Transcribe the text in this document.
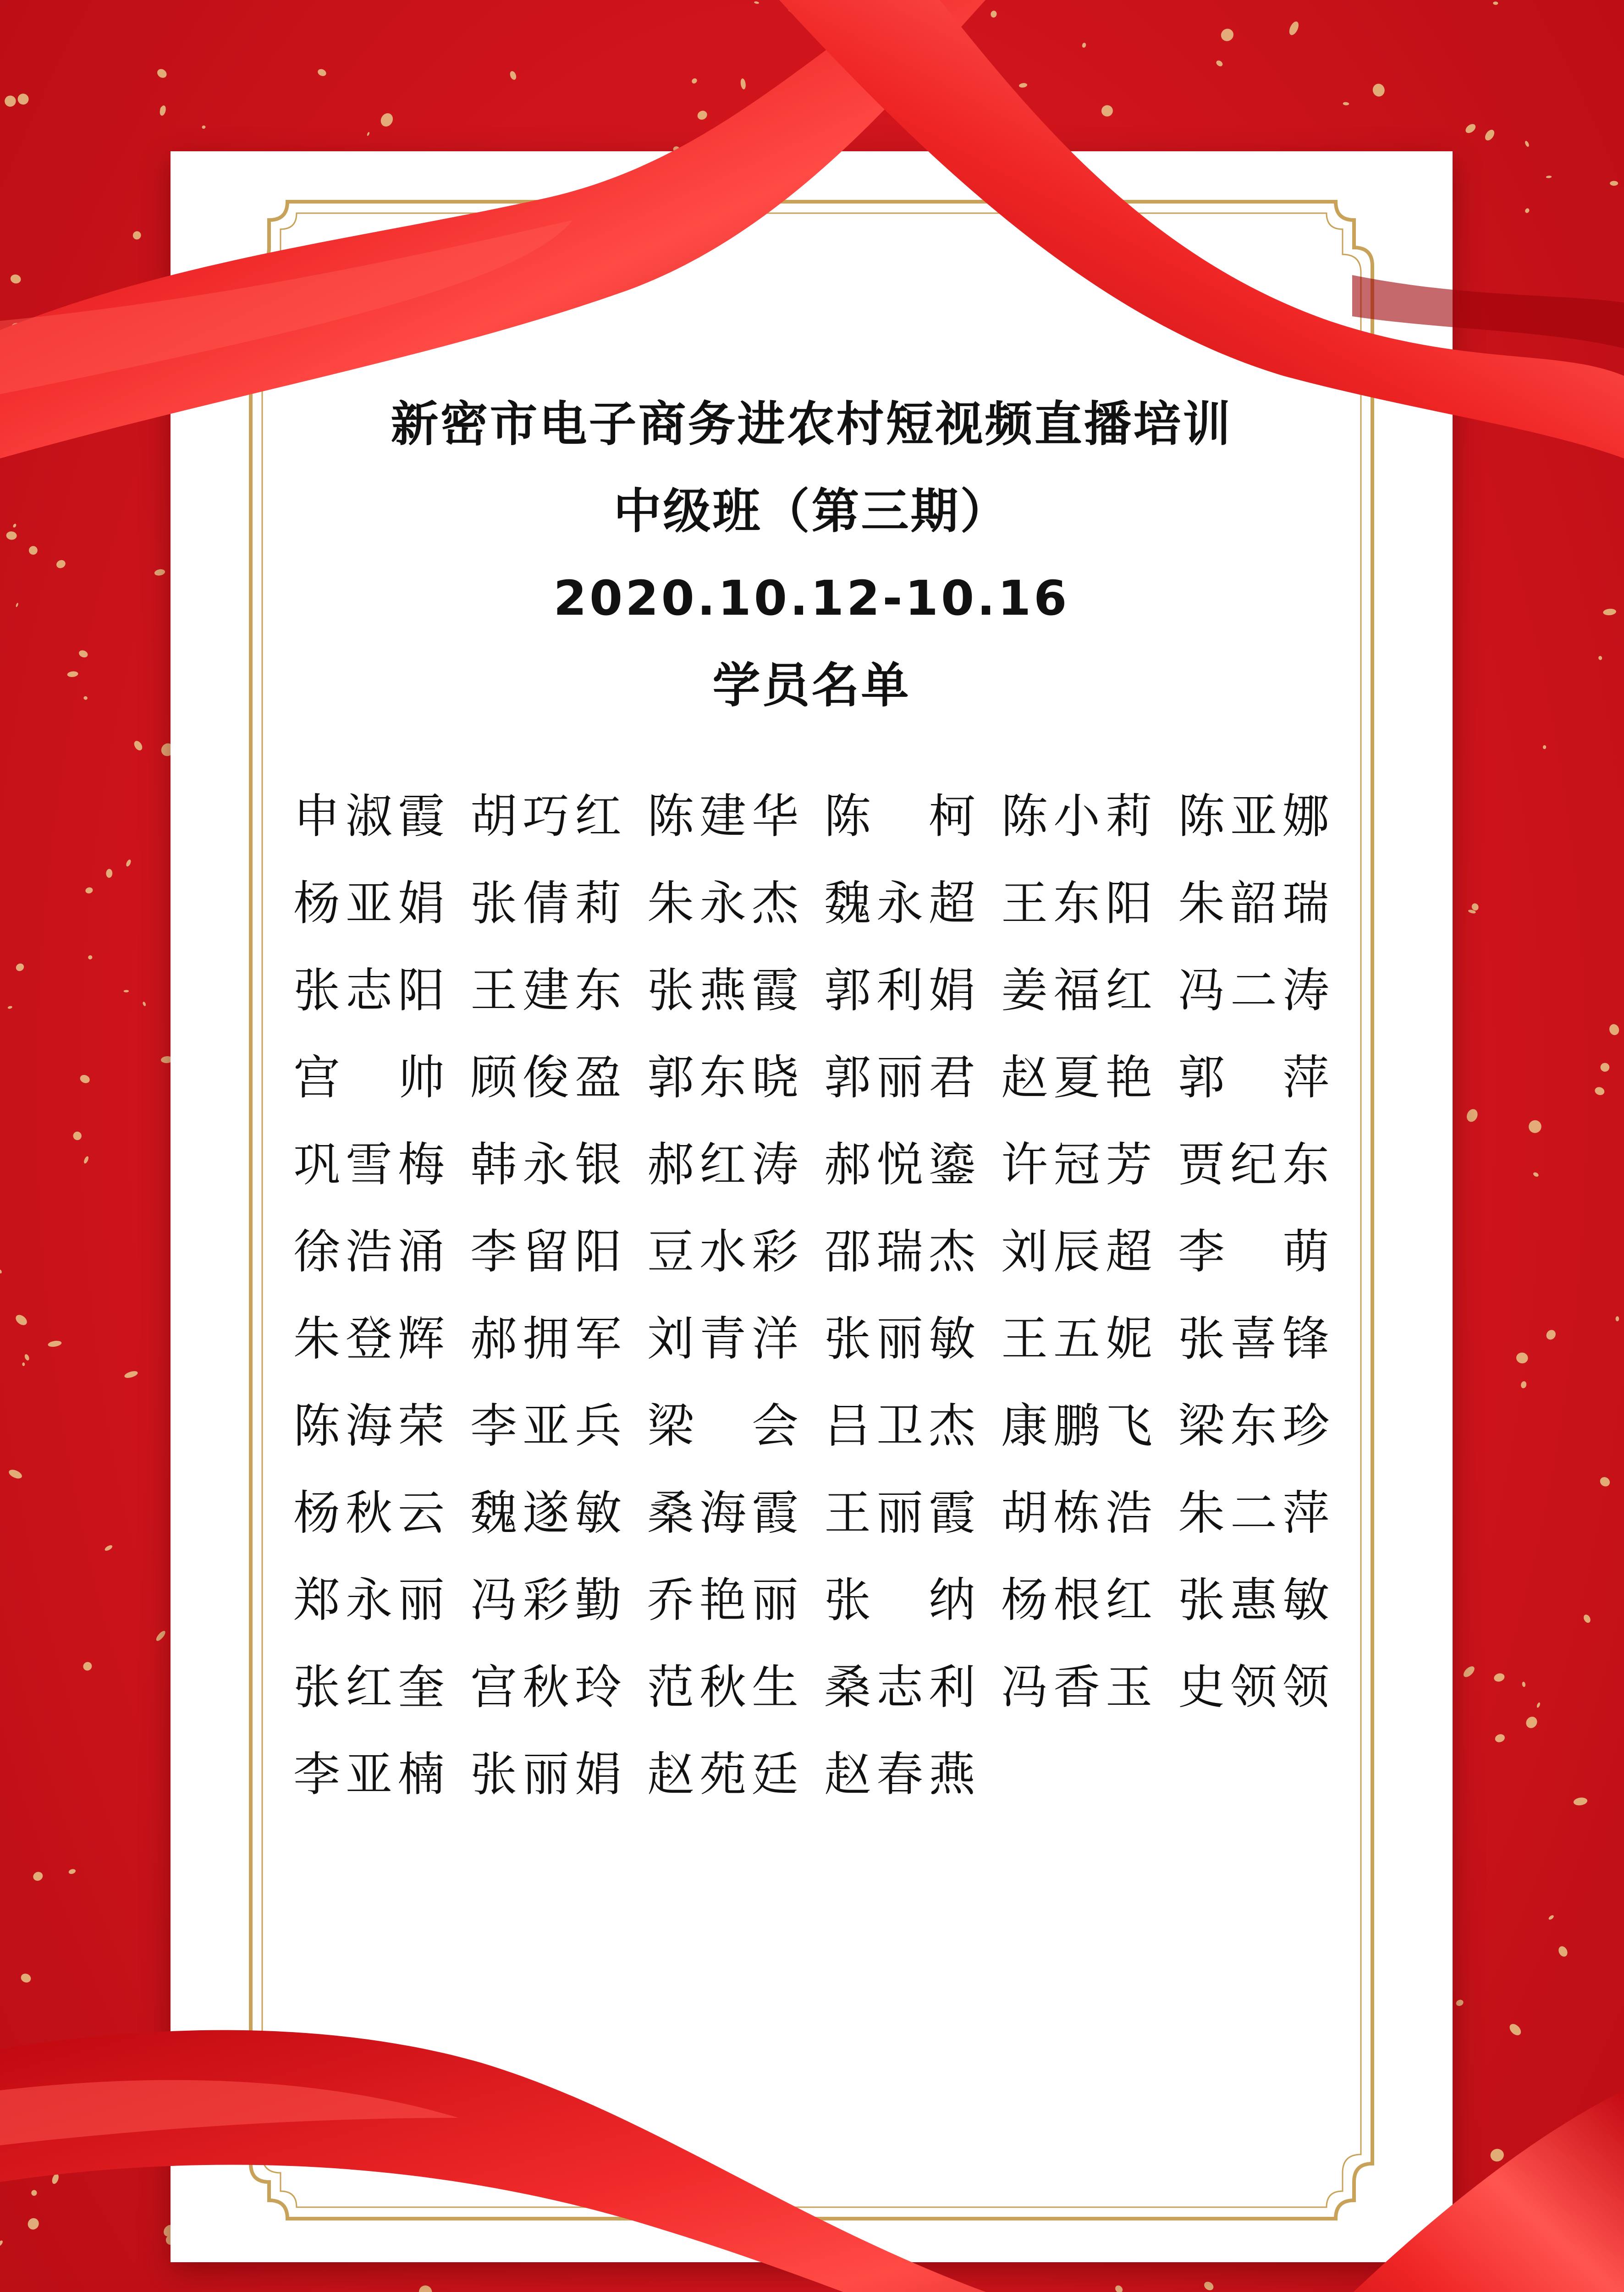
新密市电子商务进农村短视频直播培训
中级班（第三期）
2020.10.12-10.16
学员名单
申 淑 霞 胡 巧 红 陈 建 华 陈 柯 陈 小 莉 陈 亚 娜
杨 亚 娟 张 倩 莉 朱 永 杰 魏 永 超 王 东 阳 朱 韶 瑞
张 志 阳 王 建 东 张 燕 霞 郭 利 娟 姜 福 红 冯 二 涛
宫 帅 顾 俊 盈 郭 东 晓 郭 丽 君 赵 夏 艳 郭 萍
巩 雪 梅 韩 永 银 郝 红 涛 郝 悦 鎏 许 冠 芳 贾 纪 东
徐 浩 涌 李 留 阳 豆 水 彩 邵 瑞 杰 刘 辰 超 李 萌
朱 登 辉 郝 拥 军 刘 青 洋 张 丽 敏 王 五 妮 张 喜 锋
陈 海 荣 李 亚 兵 梁 会 吕 卫 杰 康 鹏 飞 梁 东 珍
杨 秋 云 魏 遂 敏 桑 海 霞 王 丽 霞 胡 栋 浩 朱 二 萍
郑 永 丽 冯 彩 勤 乔 艳 丽 张 纳 杨 根 红 张 惠 敏
张 红 奎 宫 秋 玲 范 秋 生 桑 志 利 冯 香 玉 史 领 领
李 亚 楠 张 丽 娟 赵 苑 廷 赵 春 燕
